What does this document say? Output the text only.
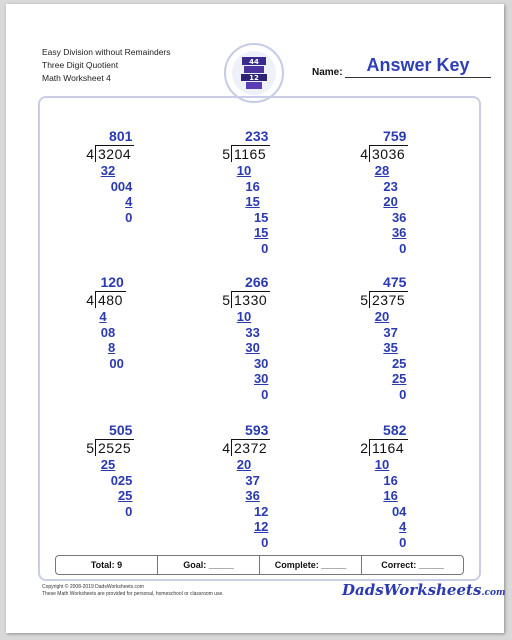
Easy Division without Remainders
Three Digit Quotient
Math Worksheet 4
44
12	Name:	Answer Key
801
4 3204
32
004
4
0
233
5 1165
10
16
15
15
15
0
759
4 3036
28
23
20
36
36
0
120
4 480
4
08
8
00
266
5 1330
10
33
30
30
30
0
475
5 2375
20
37
35
25
25
0
505
5 2525
25
025
25
0
593
4 2372
20
37
36
12
12
0
582
2 1164
10
16
16
04
4
0
Total: 9	Goal: _____	Complete: _____	Correct: _____
Copyright © 2008-2019 DadsWorksheets.com
These Math Worksheets are provided for personal, homeschool or classroom use.	DadsWorksheets.com
